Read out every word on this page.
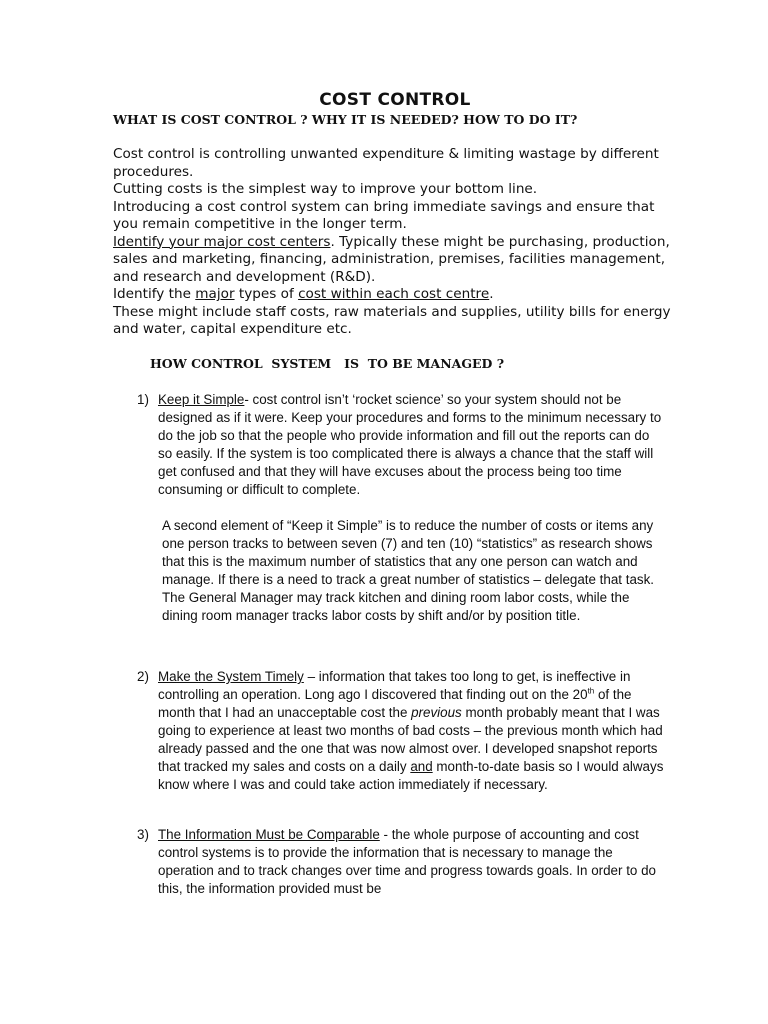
COST CONTROL
WHAT IS COST CONTROL ? WHY IT IS NEEDED? HOW TO DO IT?

Cost control is controlling unwanted expenditure & limiting wastage by different procedures.

Cutting costs is the simplest way to improve your bottom line.

Introducing a cost control system can bring immediate savings and ensure that you remain competitive in the longer term.

Identify your major cost centers. Typically these might be purchasing, production, sales and marketing, financing, administration, premises, facilities management, and research and development (R&D).

Identify the major types of cost within each cost centre.

These might include staff costs, raw materials and supplies, utility bills for energy and water, capital expenditure etc.

HOW CONTROL  SYSTEM   IS  TO BE MANAGED ?
1) Keep it Simple- cost control isn’t ‘rocket science’ so your system should not be designed as if it were. Keep your procedures and forms to the minimum necessary to do the job so that the people who provide information and fill out the reports can do so easily. If the system is too complicated there is always a chance that the staff will get confused and that they will have excuses about the process being too time consuming or difficult to complete.

A second element of “Keep it Simple” is to reduce the number of costs or items any one person tracks to between seven (7) and ten (10) “statistics” as research shows that this is the maximum number of statistics that any one person can watch and manage. If there is a need to track a great number of statistics – delegate that task. The General Manager may track kitchen and dining room labor costs, while the dining room manager tracks labor costs by shift and/or by position title.

2) Make the System Timely – information that takes too long to get, is ineffective in controlling an operation. Long ago I discovered that finding out on the 20th of the month that I had an unacceptable cost the previous month probably meant that I was going to experience at least two months of bad costs – the previous month which had already passed and the one that was now almost over. I developed snapshot reports that tracked my sales and costs on a daily and month-to-date basis so I would always know where I was and could take action immediately if necessary.

3) The Information Must be Comparable - the whole purpose of accounting and cost control systems is to provide the information that is necessary to manage the operation and to track changes over time and progress towards goals. In order to do this, the information provided must be
